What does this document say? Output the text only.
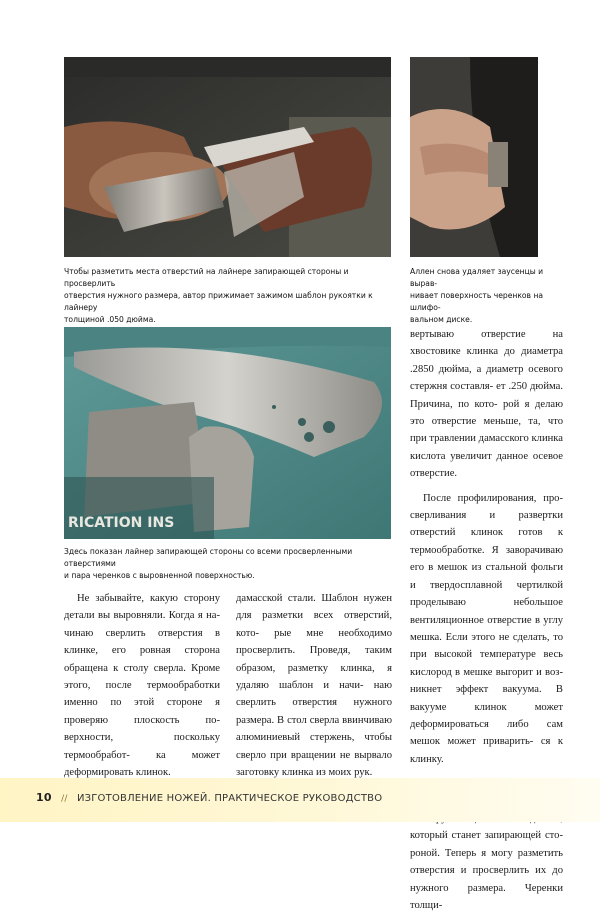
Чтобы разметить места отверстий на лайнере запирающей стороны и просверлить
отверстия нужного размера, автор прижимает зажимом шаблон рукоятки к лайнеру
толщиной .050 дюйма.
Аллен снова удаляет заусенцы и вырав-
нивает поверхность черенков на шлифо-
вальном диске.
RICATION INS
Здесь показан лайнер запирающей стороны со всеми просверленными отверстиями
и пара черенков с выровненной поверхностью.

Не забывайте, какую сторону детали вы выровняли. Когда я на- чинаю сверлить отверстия в клинке, его ровная сторона обращена к столу сверла. Кроме этого, после термообработки именно по этой стороне я проверяю плоскость по- верхности, поскольку термообработ- ка может деформировать клинок.

дамасской стали. Шаблон нужен для разметки всех отверстий, кото- рые мне необходимо просверлить. Проведя, таким образом, разметку клинка, я удаляю шаблон и начи- наю сверлить отверстия нужного размера. В стол сверла ввинчиваю алюминиевый стержень, чтобы сверло при вращении не вырвало заготовку клинка из моих рук.

вертываю отверстие на хвостовике клинка до диаметра .2850 дюйма, а диаметр осевого стержня составля- ет .250 дюйма. Причина, по кото- рой я делаю это отверстие меньше, та, что при травлении дамасского клинка кислота увеличит данное осевое отверстие.

После профилирования, про- сверливания и развертки отверстий клинок готов к термообработке. Я заворачиваю его в мешок из стальной фольги и твердосплавной чертилкой проделываю небольшое вентиляционное отверстие в углу мешка. Если этого не сделать, то при высокой температуре весь кислород в мешке выгорит и воз- никнет эффект вакуума. В вакууме	клинок может деформироваться либо сам мешок может приварить- ся к клинку.

который станет запирающей сто- роной. Теперь я могу разметить отверстия и просверлить их до нужного размера. Черенки толщи-

10 // ИЗГОТОВЛЕНИЕ НОЖЕЙ. ПРАКТИЧЕСКОЕ РУКОВОДСТВО
